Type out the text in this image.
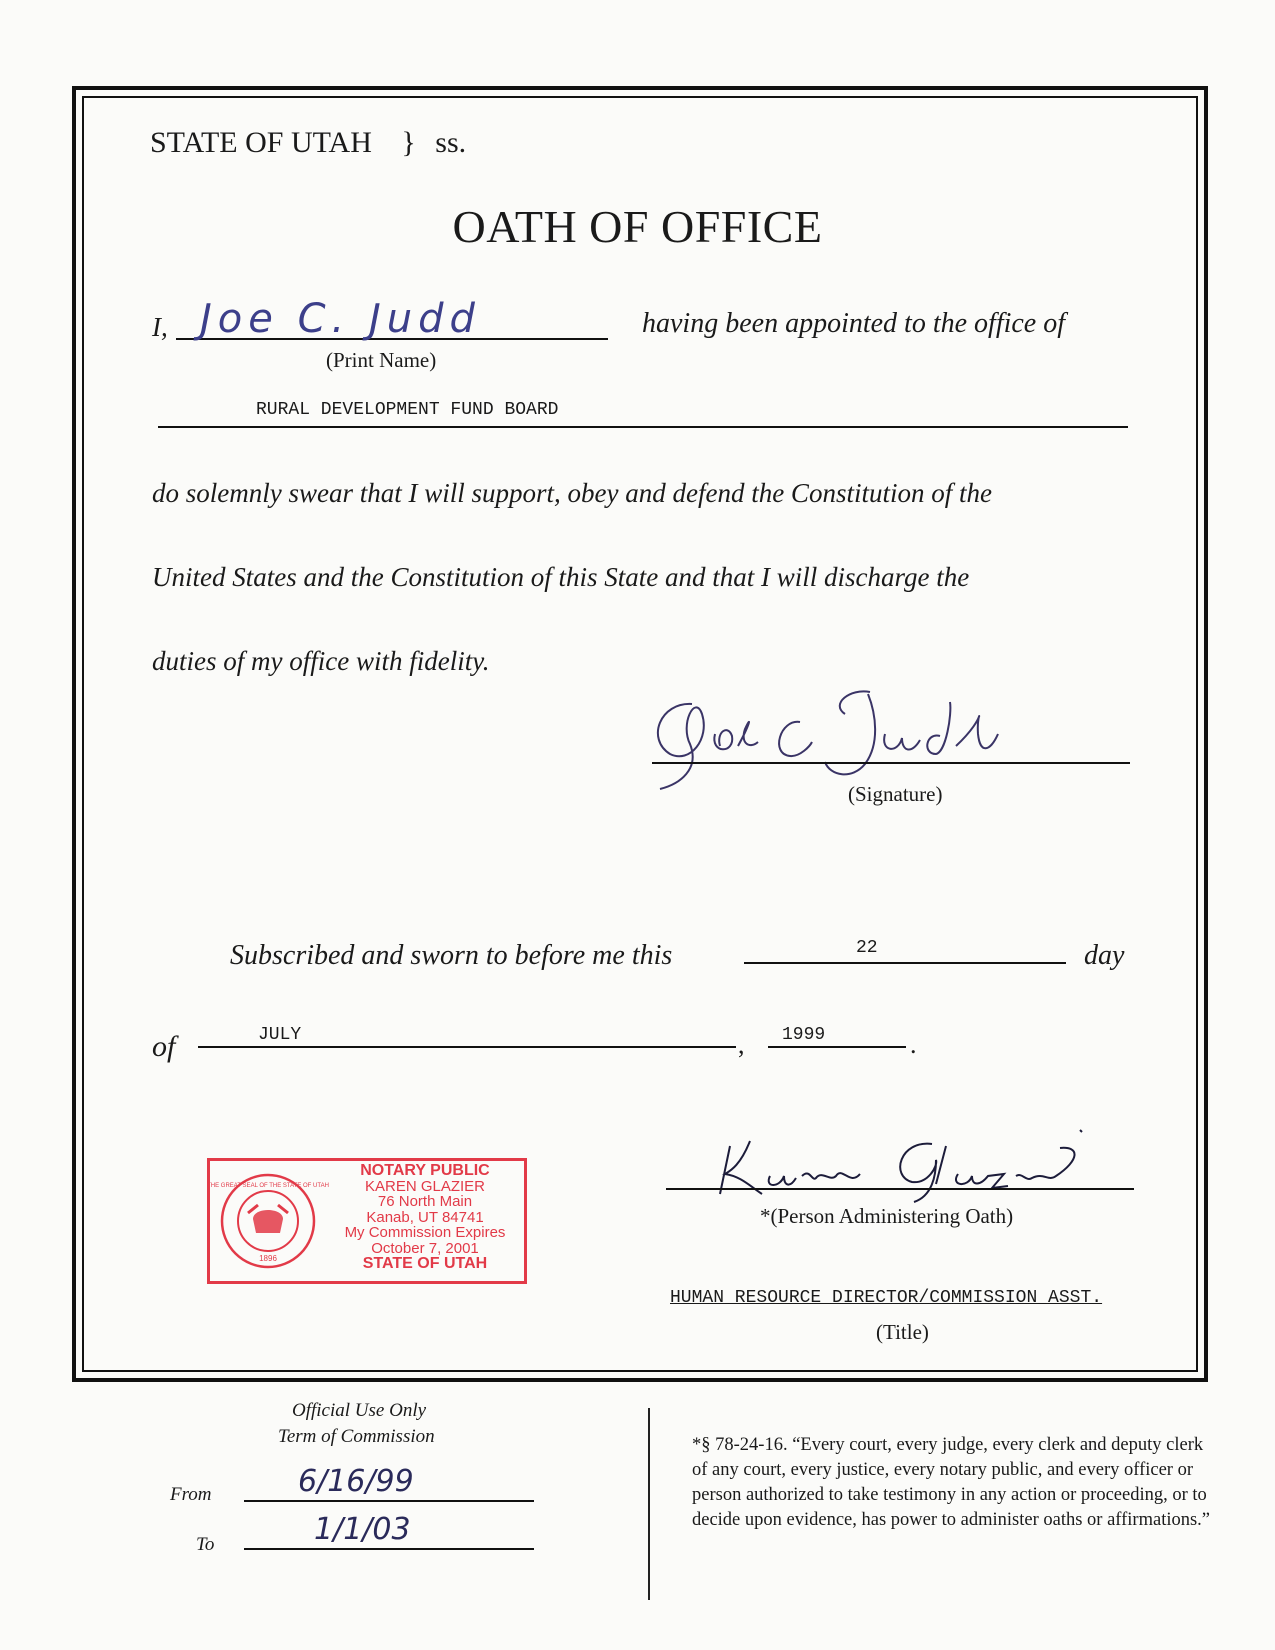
STATE OF UTAH } ss.
OATH OF OFFICE
I, Joe C. Judd	having been appointed to the office of
(Print Name)
RURAL DEVELOPMENT FUND BOARD
do solemnly swear that I will support, obey and defend the Constitution of the
United States and the Constitution of this State and that I will discharge the
duties of my office with fidelity.
(Signature)
Subscribed and sworn to before me this	22	day
of	JULY	, 1999	.
1896
THE GREAT SEAL OF THE STATE OF UTAH
NOTARY PUBLIC
KAREN GLAZIER
76 North Main
Kanab, UT 84741
My Commission Expires
October 7, 2001
STATE OF UTAH
*(Person Administering Oath)
HUMAN RESOURCE DIRECTOR/COMMISSION ASST.
(Title)
Official Use Only
Term of Commission
From	6/16/99
To	1/1/03
*§ 78-24-16. “Every court, every judge, every clerk and deputy clerk of any court, every justice, every notary public, and every officer or person authorized to take testimony in any action or proceeding, or to decide upon evidence, has power to administer oaths or affirmations.”
